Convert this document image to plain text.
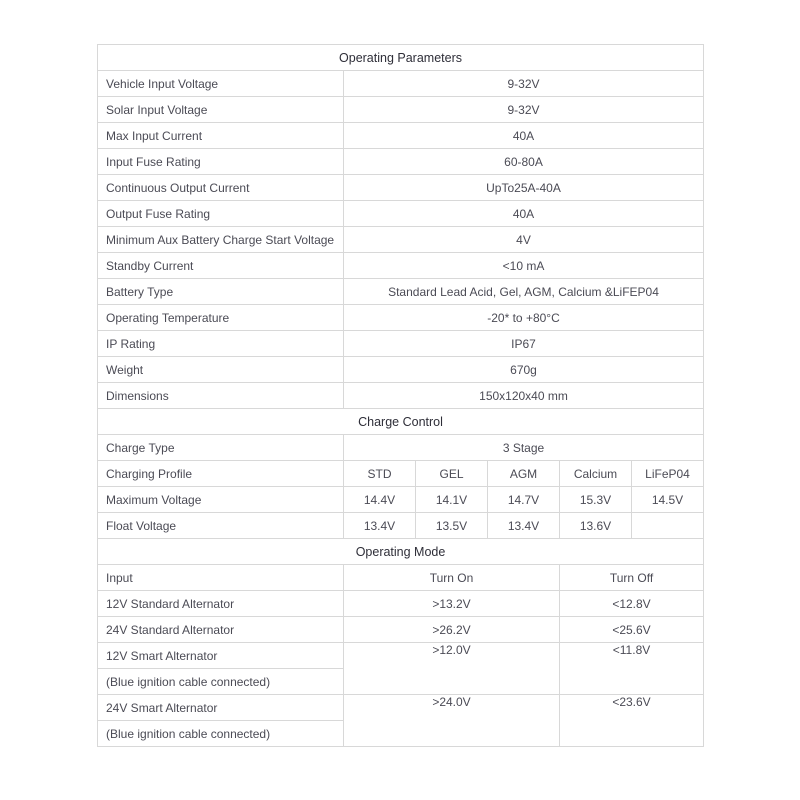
Operating Parameters					
Vehicle Input Voltage	9-32V				
Solar Input Voltage	9-32V				
Max Input Current	40A				
Input Fuse Rating	60-80A				
Continuous Output Current	UpTo25A-40A				
Output Fuse Rating	40A				
Minimum Aux Battery Charge Start Voltage	4V				
Standby Current	<10 mA				
Battery Type	Standard Lead Acid, Gel, AGM, Calcium &LiFEP04				
Operating Temperature	-20* to +80°C				
IP Rating	IP67				
Weight	670g				
Dimensions	150x120x40 mm				
Charge Control					
Charge Type	3 Stage				
Charging Profile	STD	GEL	AGM	Calcium	LiFeP04
Maximum Voltage	14.4V	14.1V	14.7V	15.3V	14.5V
Float Voltage	13.4V	13.5V	13.4V	13.6V	
Operating Mode					
Input	Turn On			Turn Off	
12V Standard Alternator	>13.2V			<12.8V	
24V Standard Alternator	>26.2V			<25.6V	
12V Smart Alternator	>12.0V			<11.8V	
(Blue ignition cable connected)					
24V Smart Alternator	>24.0V			<23.6V	
(Blue ignition cable connected)					
